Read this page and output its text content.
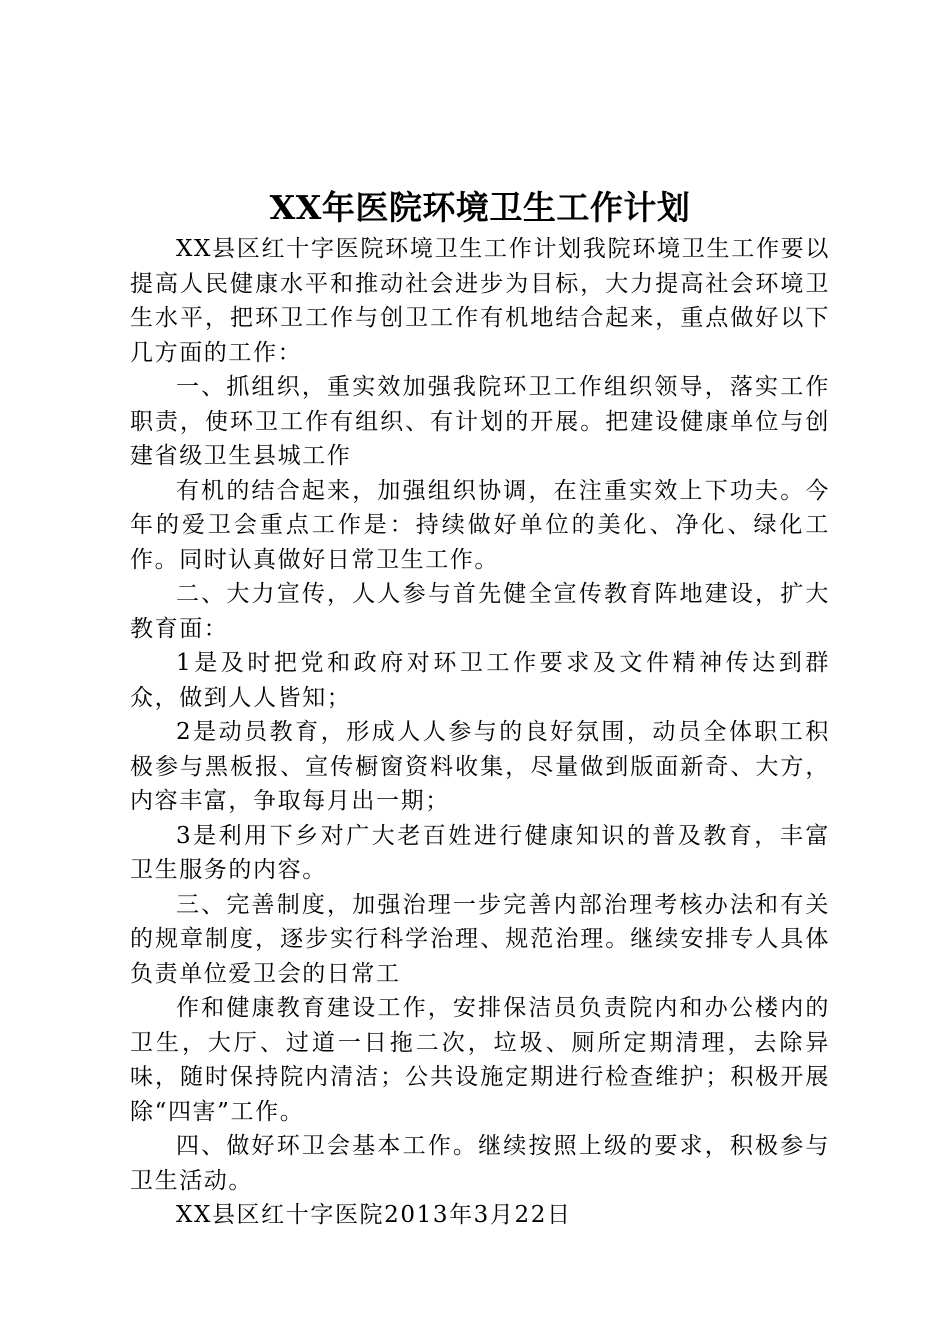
XX年医院环境卫生工作计划

XX县区红十字医院环境卫生工作计划我院环境卫生工作要以提高人民健康水平和推动社会进步为目标，大力提高社会环境卫生水平，把环卫工作与创卫工作有机地结合起来，重点做好以下几方面的工作：

一、抓组织，重实效加强我院环卫工作组织领导，落实工作职责，使环卫工作有组织、有计划的开展。把建设健康单位与创建省级卫生县城工作

有机的结合起来，加强组织协调，在注重实效上下功夫。今年的爱卫会重点工作是：持续做好单位的美化、净化、绿化工作。同时认真做好日常卫生工作。

二、大力宣传，人人参与首先健全宣传教育阵地建设，扩大教育面：

1是及时把党和政府对环卫工作要求及文件精神传达到群众，做到人人皆知；

2是动员教育，形成人人参与的良好氛围，动员全体职工积极参与黑板报、宣传橱窗资料收集，尽量做到版面新奇、大方，内容丰富，争取每月出一期；

3是利用下乡对广大老百姓进行健康知识的普及教育，丰富卫生服务的内容。

三、完善制度，加强治理一步完善内部治理考核办法和有关的规章制度，逐步实行科学治理、规范治理。继续安排专人具体负责单位爱卫会的日常工

作和健康教育建设工作，安排保洁员负责院内和办公楼内的卫生，大厅、过道一日拖二次，垃圾、厕所定期清理，去除异味，随时保持院内清洁；公共设施定期进行检查维护；积极开展除“四害”工作。

四、做好环卫会基本工作。继续按照上级的要求，积极参与卫生活动。

XX县区红十字医院2013年3月22日
